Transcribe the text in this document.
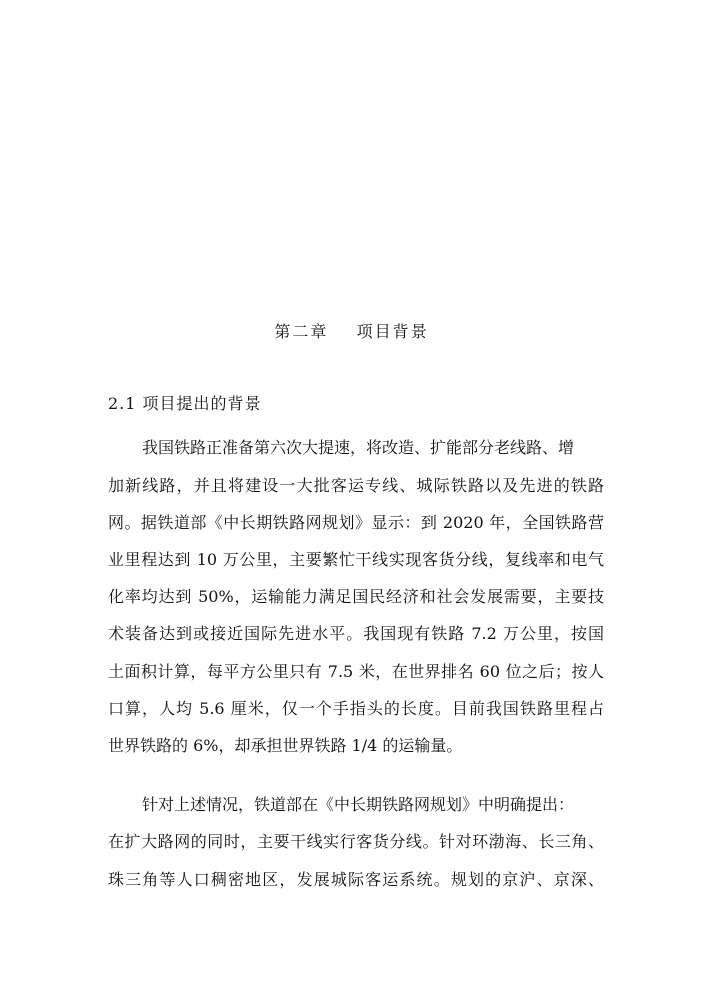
第二章    项目背景
2.1 项目提出的背景
我国铁路正准备第六次大提速，将改造、扩能部分老线路、增
加新线路，并且将建设一大批客运专线、城际铁路以及先进的铁路
网。据铁道部《中长期铁路网规划》显示：到 2020 年，全国铁路营
业里程达到 10 万公里，主要繁忙干线实现客货分线，复线率和电气
化率均达到 50%，运输能力满足国民经济和社会发展需要，主要技
术装备达到或接近国际先进水平。我国现有铁路 7.2 万公里，按国
土面积计算，每平方公里只有 7.5 米，在世界排名 60 位之后；按人
口算，人均 5.6 厘米，仅一个手指头的长度。目前我国铁路里程占
世界铁路的 6%，却承担世界铁路 1/4 的运输量。
针对上述情况，铁道部在《中长期铁路网规划》中明确提出：
在扩大路网的同时，主要干线实行客货分线。针对环渤海、长三角、
珠三角等人口稠密地区，发展城际客运系统。规划的京沪、京深、
